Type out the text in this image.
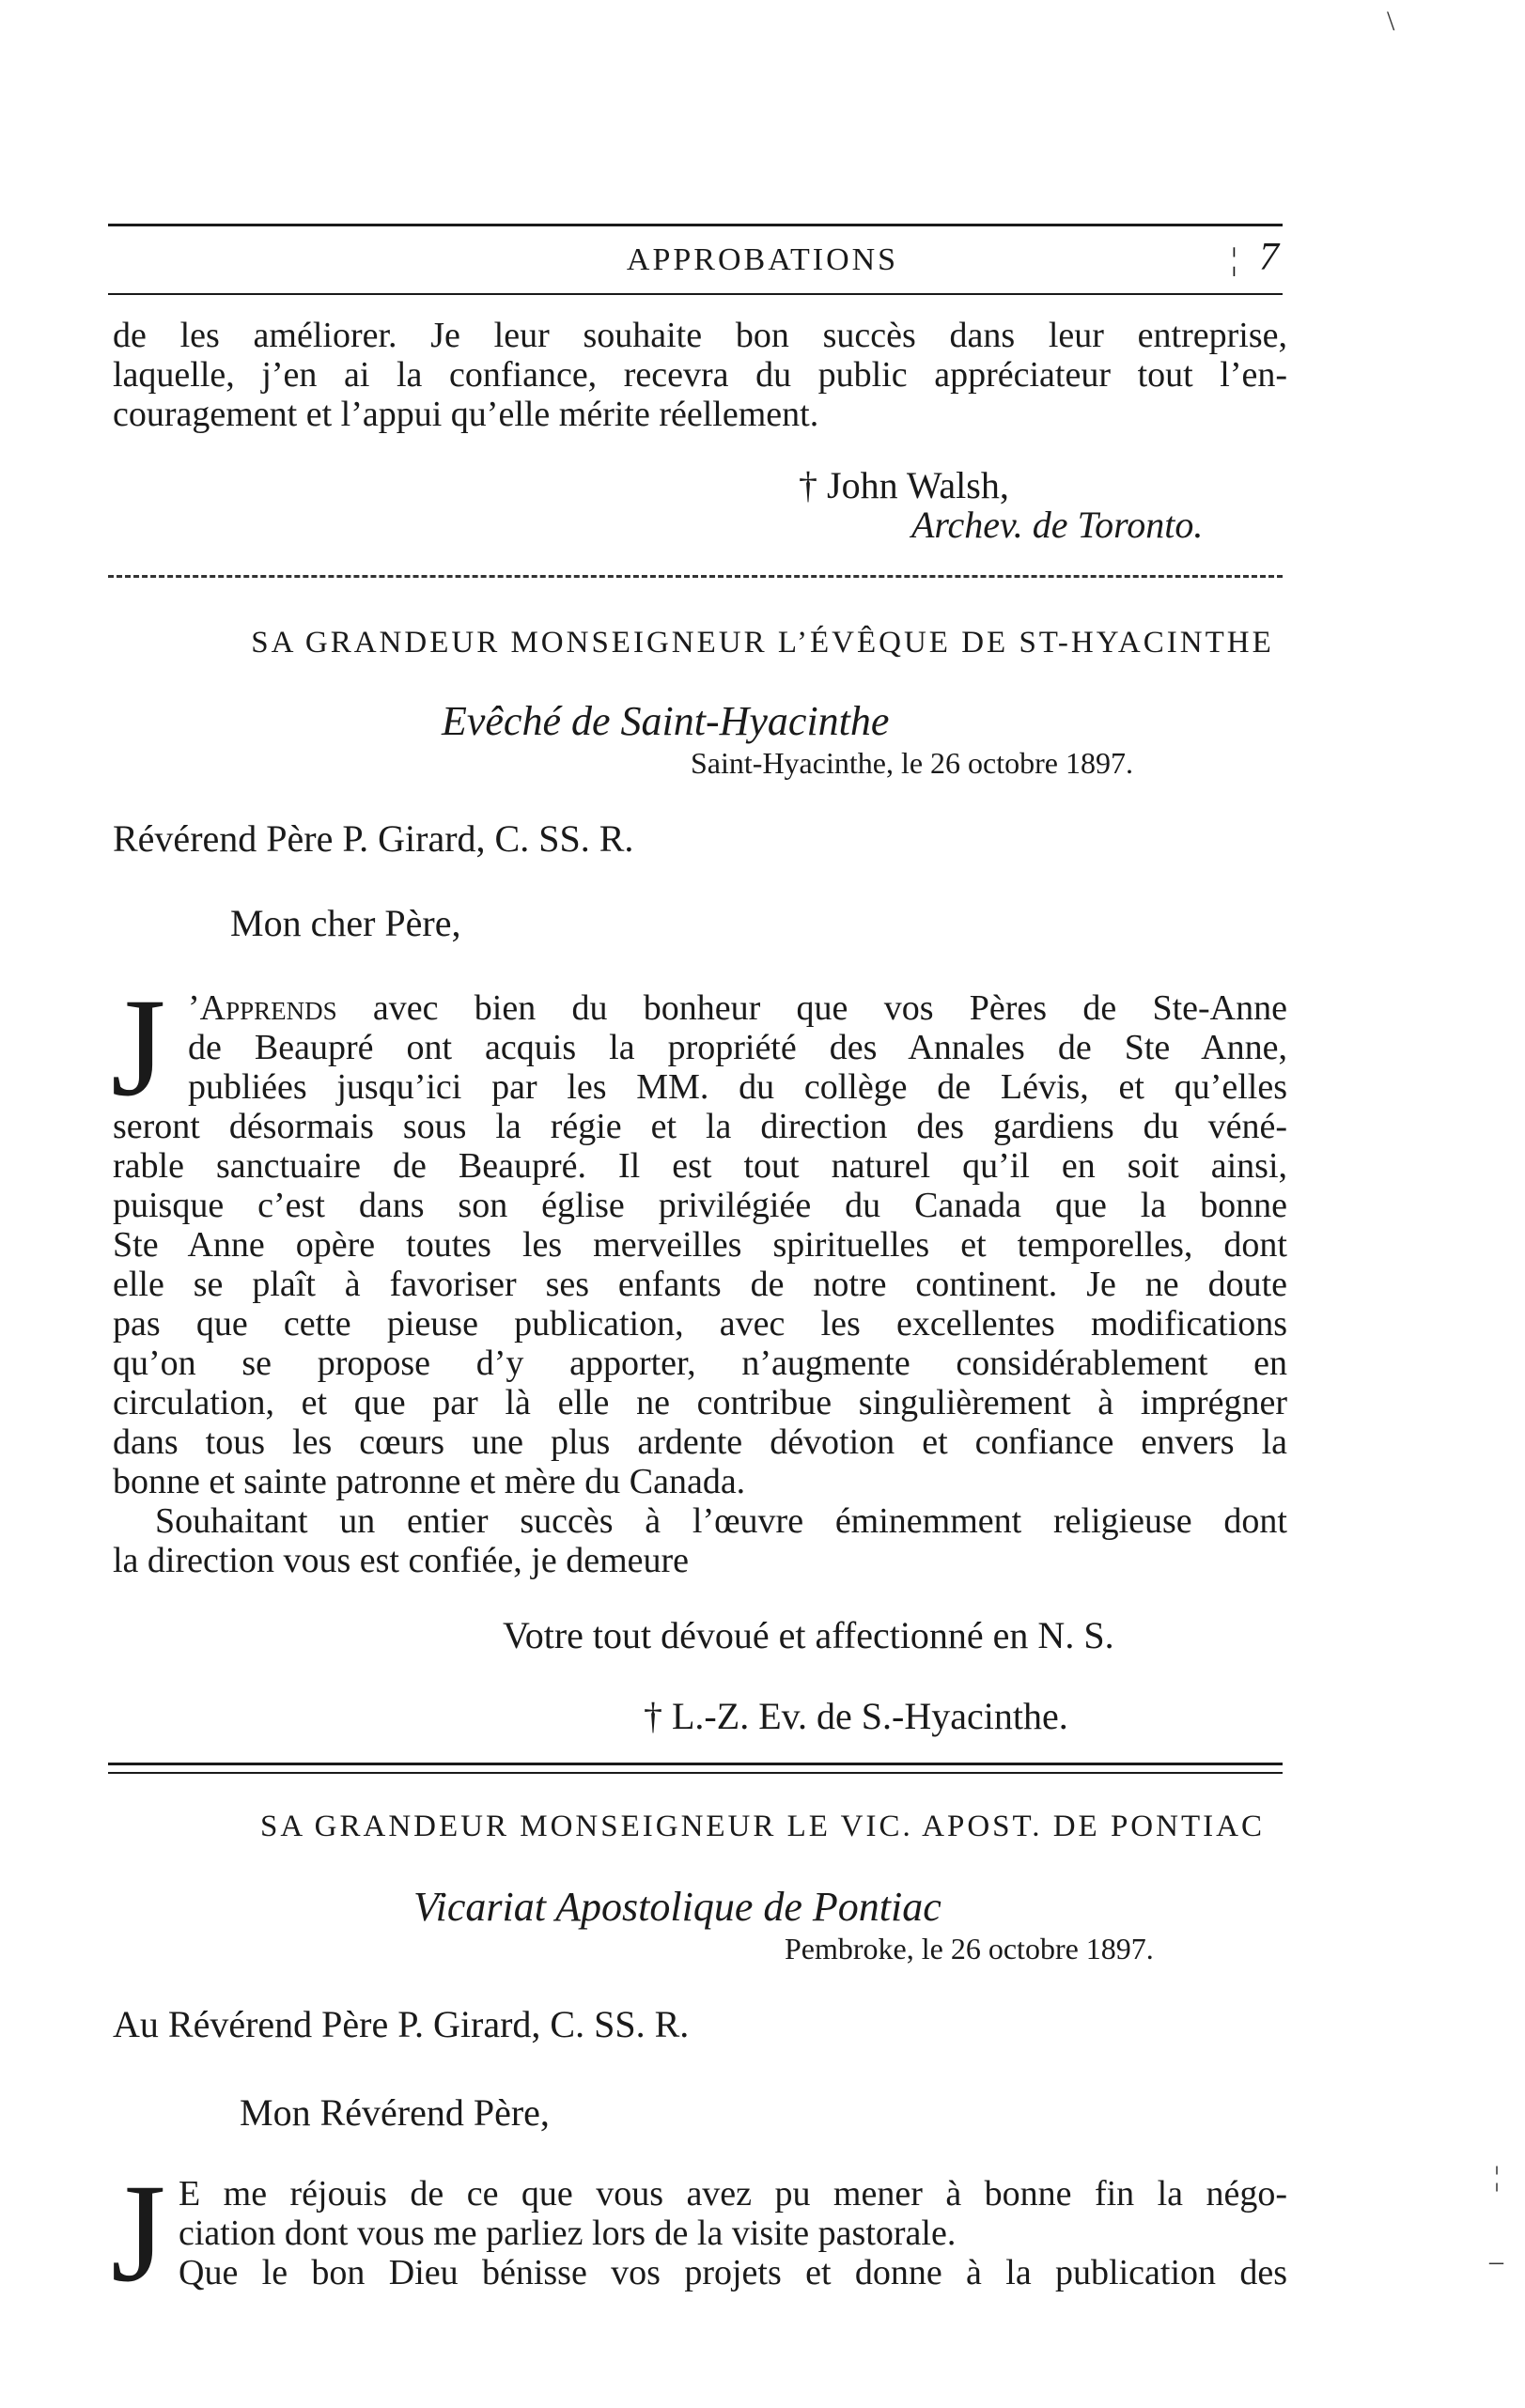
APPROBATIONS	¦ 7
de les améliorer. Je leur souhaite bon succès dans leur entreprise,
laquelle, j’en ai la confiance, recevra du public appréciateur tout l’en-
couragement et l’appui qu’elle mérite réellement.
† John Walsh,
Archev. de Toronto.
SA GRANDEUR MONSEIGNEUR L’ÉVÊQUE DE ST-HYACINTHE
Evêché de Saint-Hyacinthe
Saint-Hyacinthe, le 26 octobre 1897.
Révérend Père P. Girard, C. SS. R.
Mon cher Père,
J ’Apprends avec bien du bonheur que vos Pères de Ste-Anne
de Beaupré ont acquis la propriété des Annales de Ste Anne,
publiées jusqu’ici par les MM. du collège de Lévis, et qu’elles
seront désormais sous la régie et la direction des gardiens du véné-
rable sanctuaire de Beaupré. Il est tout naturel qu’il en soit ainsi,
puisque c’est dans son église privilégiée du Canada que la bonne
Ste Anne opère toutes les merveilles spirituelles et temporelles, dont
elle se plaît à favoriser ses enfants de notre continent. Je ne doute
pas que cette pieuse publication, avec les excellentes modifications
qu’on se propose d’y apporter, n’augmente considérablement en
circulation, et que par là elle ne contribue singulièrement à imprégner
dans tous les cœurs une plus ardente dévotion et confiance envers la
bonne et sainte patronne et mère du Canada.
Souhaitant un entier succès à l’œuvre éminemment religieuse dont
la direction vous est confiée, je demeure
Votre tout dévoué et affectionné en N. S.
† L.-Z. Ev. de S.-Hyacinthe.
SA GRANDEUR MONSEIGNEUR LE VIC. APOST. DE PONTIAC
Vicariat Apostolique de Pontiac
Pembroke, le 26 octobre 1897.
Au Révérend Père P. Girard, C. SS. R.
Mon Révérend Père,
J E me réjouis de ce que vous avez pu mener à bonne fin la négo-
ciation dont vous me parliez lors de la visite pastorale.
Que le bon Dieu bénisse vos projets et donne à la publication des
\
¦
–
